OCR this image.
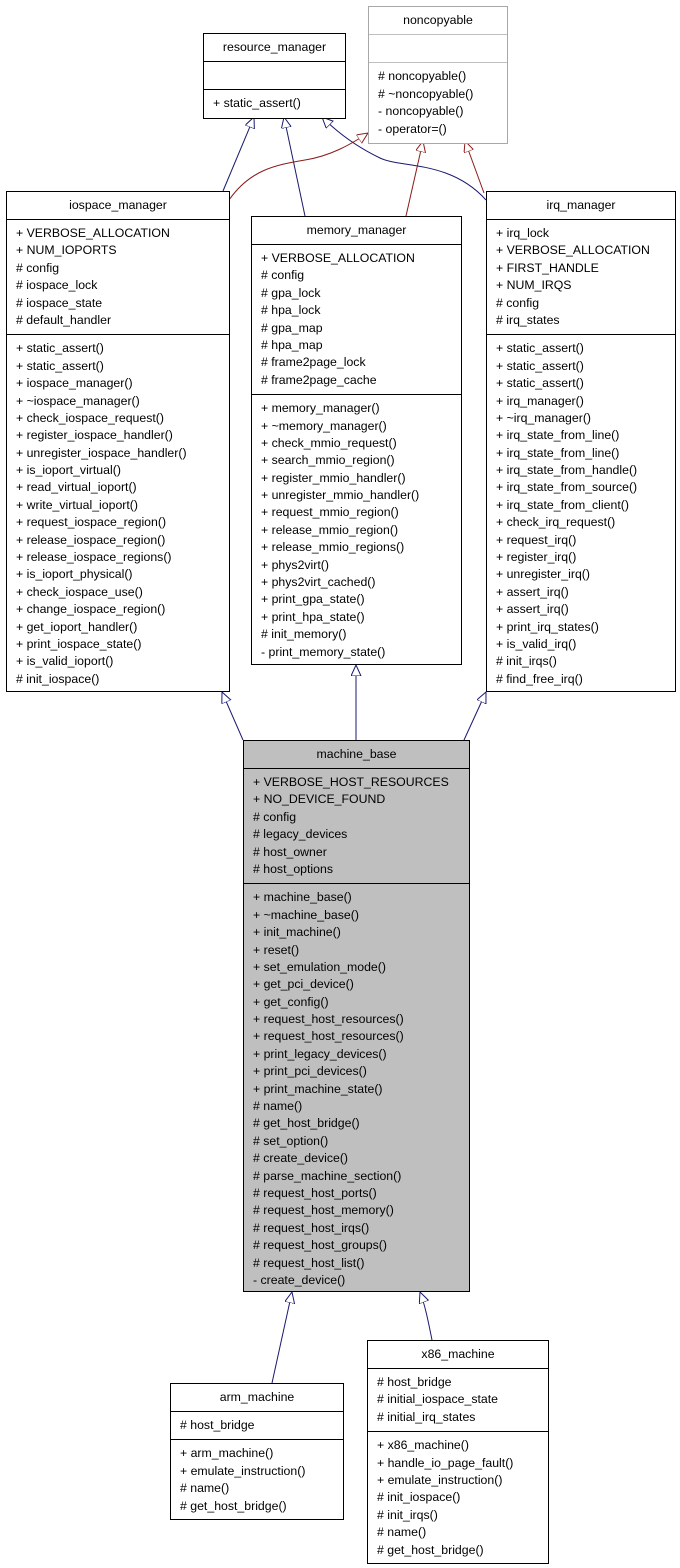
noncopyable
# noncopyable()
# ~noncopyable()
- noncopyable()
- operator=()
resource_manager
+ static_assert()
iospace_manager
+ VERBOSE_ALLOCATION
+ NUM_IOPORTS
# config
# iospace_lock
# iospace_state
# default_handler
+ static_assert()
+ static_assert()
+ iospace_manager()
+ ~iospace_manager()
+ check_iospace_request()
+ register_iospace_handler()
+ unregister_iospace_handler()
+ is_ioport_virtual()
+ read_virtual_ioport()
+ write_virtual_ioport()
+ request_iospace_region()
+ release_iospace_region()
+ release_iospace_regions()
+ is_ioport_physical()
+ check_iospace_use()
+ change_iospace_region()
+ get_ioport_handler()
+ print_iospace_state()
+ is_valid_ioport()
# init_iospace()
memory_manager
+ VERBOSE_ALLOCATION
# config
# gpa_lock
# hpa_lock
# gpa_map
# hpa_map
# frame2page_lock
# frame2page_cache
+ memory_manager()
+ ~memory_manager()
+ check_mmio_request()
+ search_mmio_region()
+ register_mmio_handler()
+ unregister_mmio_handler()
+ request_mmio_region()
+ release_mmio_region()
+ release_mmio_regions()
+ phys2virt()
+ phys2virt_cached()
+ print_gpa_state()
+ print_hpa_state()
# init_memory()
- print_memory_state()
irq_manager
+ irq_lock
+ VERBOSE_ALLOCATION
+ FIRST_HANDLE
+ NUM_IRQS
# config
# irq_states
+ static_assert()
+ static_assert()
+ static_assert()
+ irq_manager()
+ ~irq_manager()
+ irq_state_from_line()
+ irq_state_from_line()
+ irq_state_from_handle()
+ irq_state_from_source()
+ irq_state_from_client()
+ check_irq_request()
+ request_irq()
+ register_irq()
+ unregister_irq()
+ assert_irq()
+ assert_irq()
+ print_irq_states()
+ is_valid_irq()
# init_irqs()
# find_free_irq()
machine_base
+ VERBOSE_HOST_RESOURCES
+ NO_DEVICE_FOUND
# config
# legacy_devices
# host_owner
# host_options
+ machine_base()
+ ~machine_base()
+ init_machine()
+ reset()
+ set_emulation_mode()
+ get_pci_device()
+ get_config()
+ request_host_resources()
+ request_host_resources()
+ print_legacy_devices()
+ print_pci_devices()
+ print_machine_state()
# name()
# get_host_bridge()
# set_option()
# create_device()
# parse_machine_section()
# request_host_ports()
# request_host_memory()
# request_host_irqs()
# request_host_groups()
# request_host_list()
- create_device()
arm_machine
# host_bridge
+ arm_machine()
+ emulate_instruction()
# name()
# get_host_bridge()
x86_machine
# host_bridge
# initial_iospace_state
# initial_irq_states
+ x86_machine()
+ handle_io_page_fault()
+ emulate_instruction()
# init_iospace()
# init_irqs()
# name()
# get_host_bridge()
